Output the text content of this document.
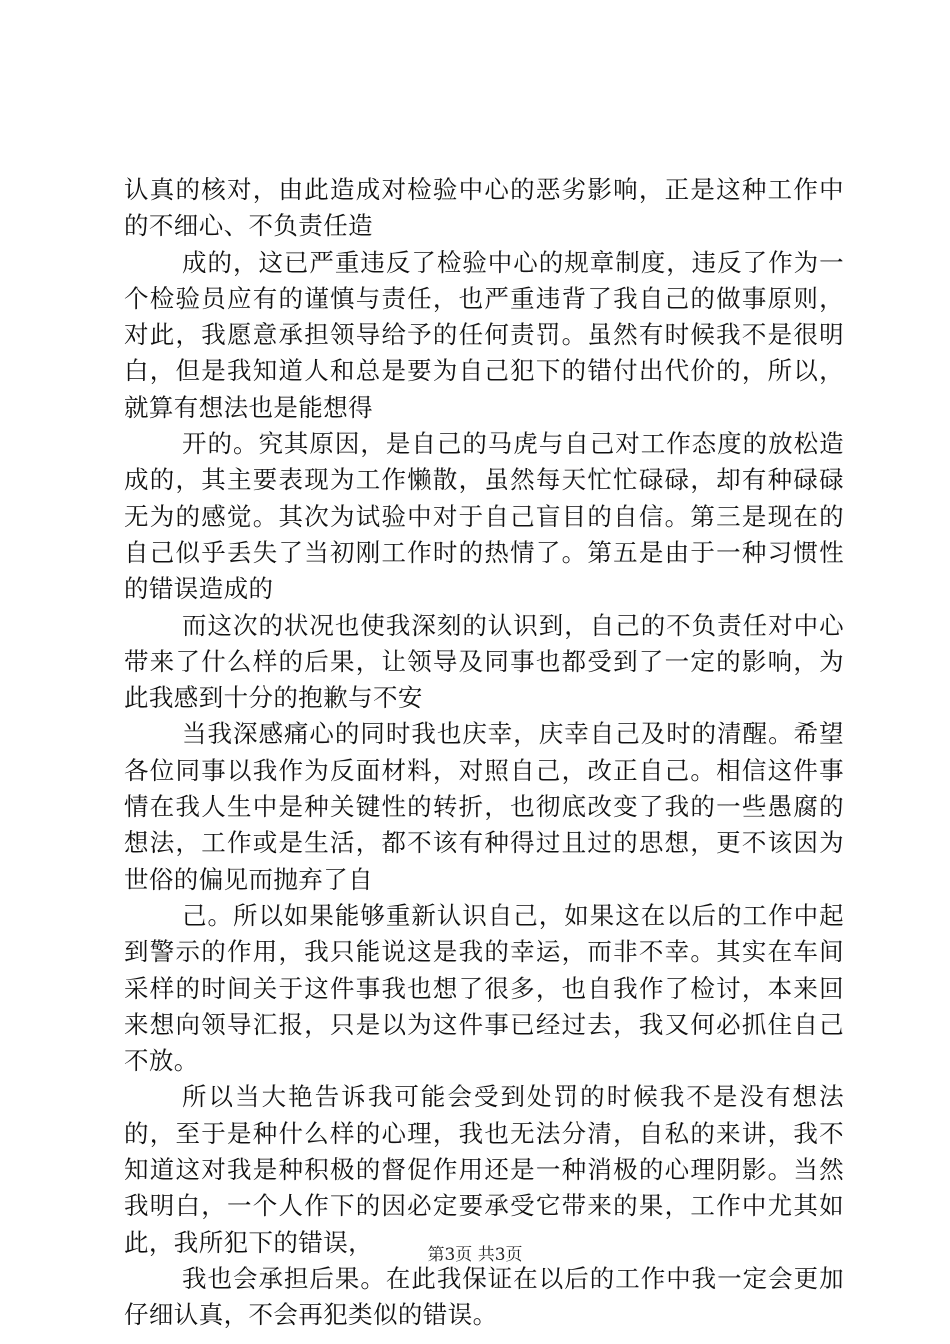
认真的核对，由此造成对检验中心的恶劣影响，正是这种工作中的不细心、不负责任造

成的，这已严重违反了检验中心的规章制度，违反了作为一个检验员应有的谨慎与责任，也严重违背了我自己的做事原则，对此，我愿意承担领导给予的任何责罚。虽然有时候我不是很明白，但是我知道人和总是要为自己犯下的错付出代价的，所以，就算有想法也是能想得

开的。究其原因，是自己的马虎与自己对工作态度的放松造成的，其主要表现为工作懒散，虽然每天忙忙碌碌，却有种碌碌无为的感觉。其次为试验中对于自己盲目的自信。第三是现在的自己似乎丢失了当初刚工作时的热情了。第五是由于一种习惯性的错误造成的

而这次的状况也使我深刻的认识到，自己的不负责任对中心带来了什么样的后果，让领导及同事也都受到了一定的影响，为此我感到十分的抱歉与不安

当我深感痛心的同时我也庆幸，庆幸自己及时的清醒。希望各位同事以我作为反面材料，对照自己，改正自己。相信这件事情在我人生中是种关键性的转折，也彻底改变了我的一些愚腐的想法，工作或是生活，都不该有种得过且过的思想，更不该因为世俗的偏见而抛弃了自

己。所以如果能够重新认识自己，如果这在以后的工作中起到警示的作用，我只能说这是我的幸运，而非不幸。其实在车间采样的时间关于这件事我也想了很多，也自我作了检讨，本来回来想向领导汇报，只是以为这件事已经过去，我又何必抓住自己不放。

所以当大艳告诉我可能会受到处罚的时候我不是没有想法的，至于是种什么样的心理，我也无法分清，自私的来讲，我不知道这对我是种积极的督促作用还是一种消极的心理阴影。当然我明白，一个人作下的因必定要承受它带来的果，工作中尤其如此，我所犯下的错误，

我也会承担后果。在此我保证在以后的工作中我一定会更加仔细认真，不会再犯类似的错误。

第3页 共3页
